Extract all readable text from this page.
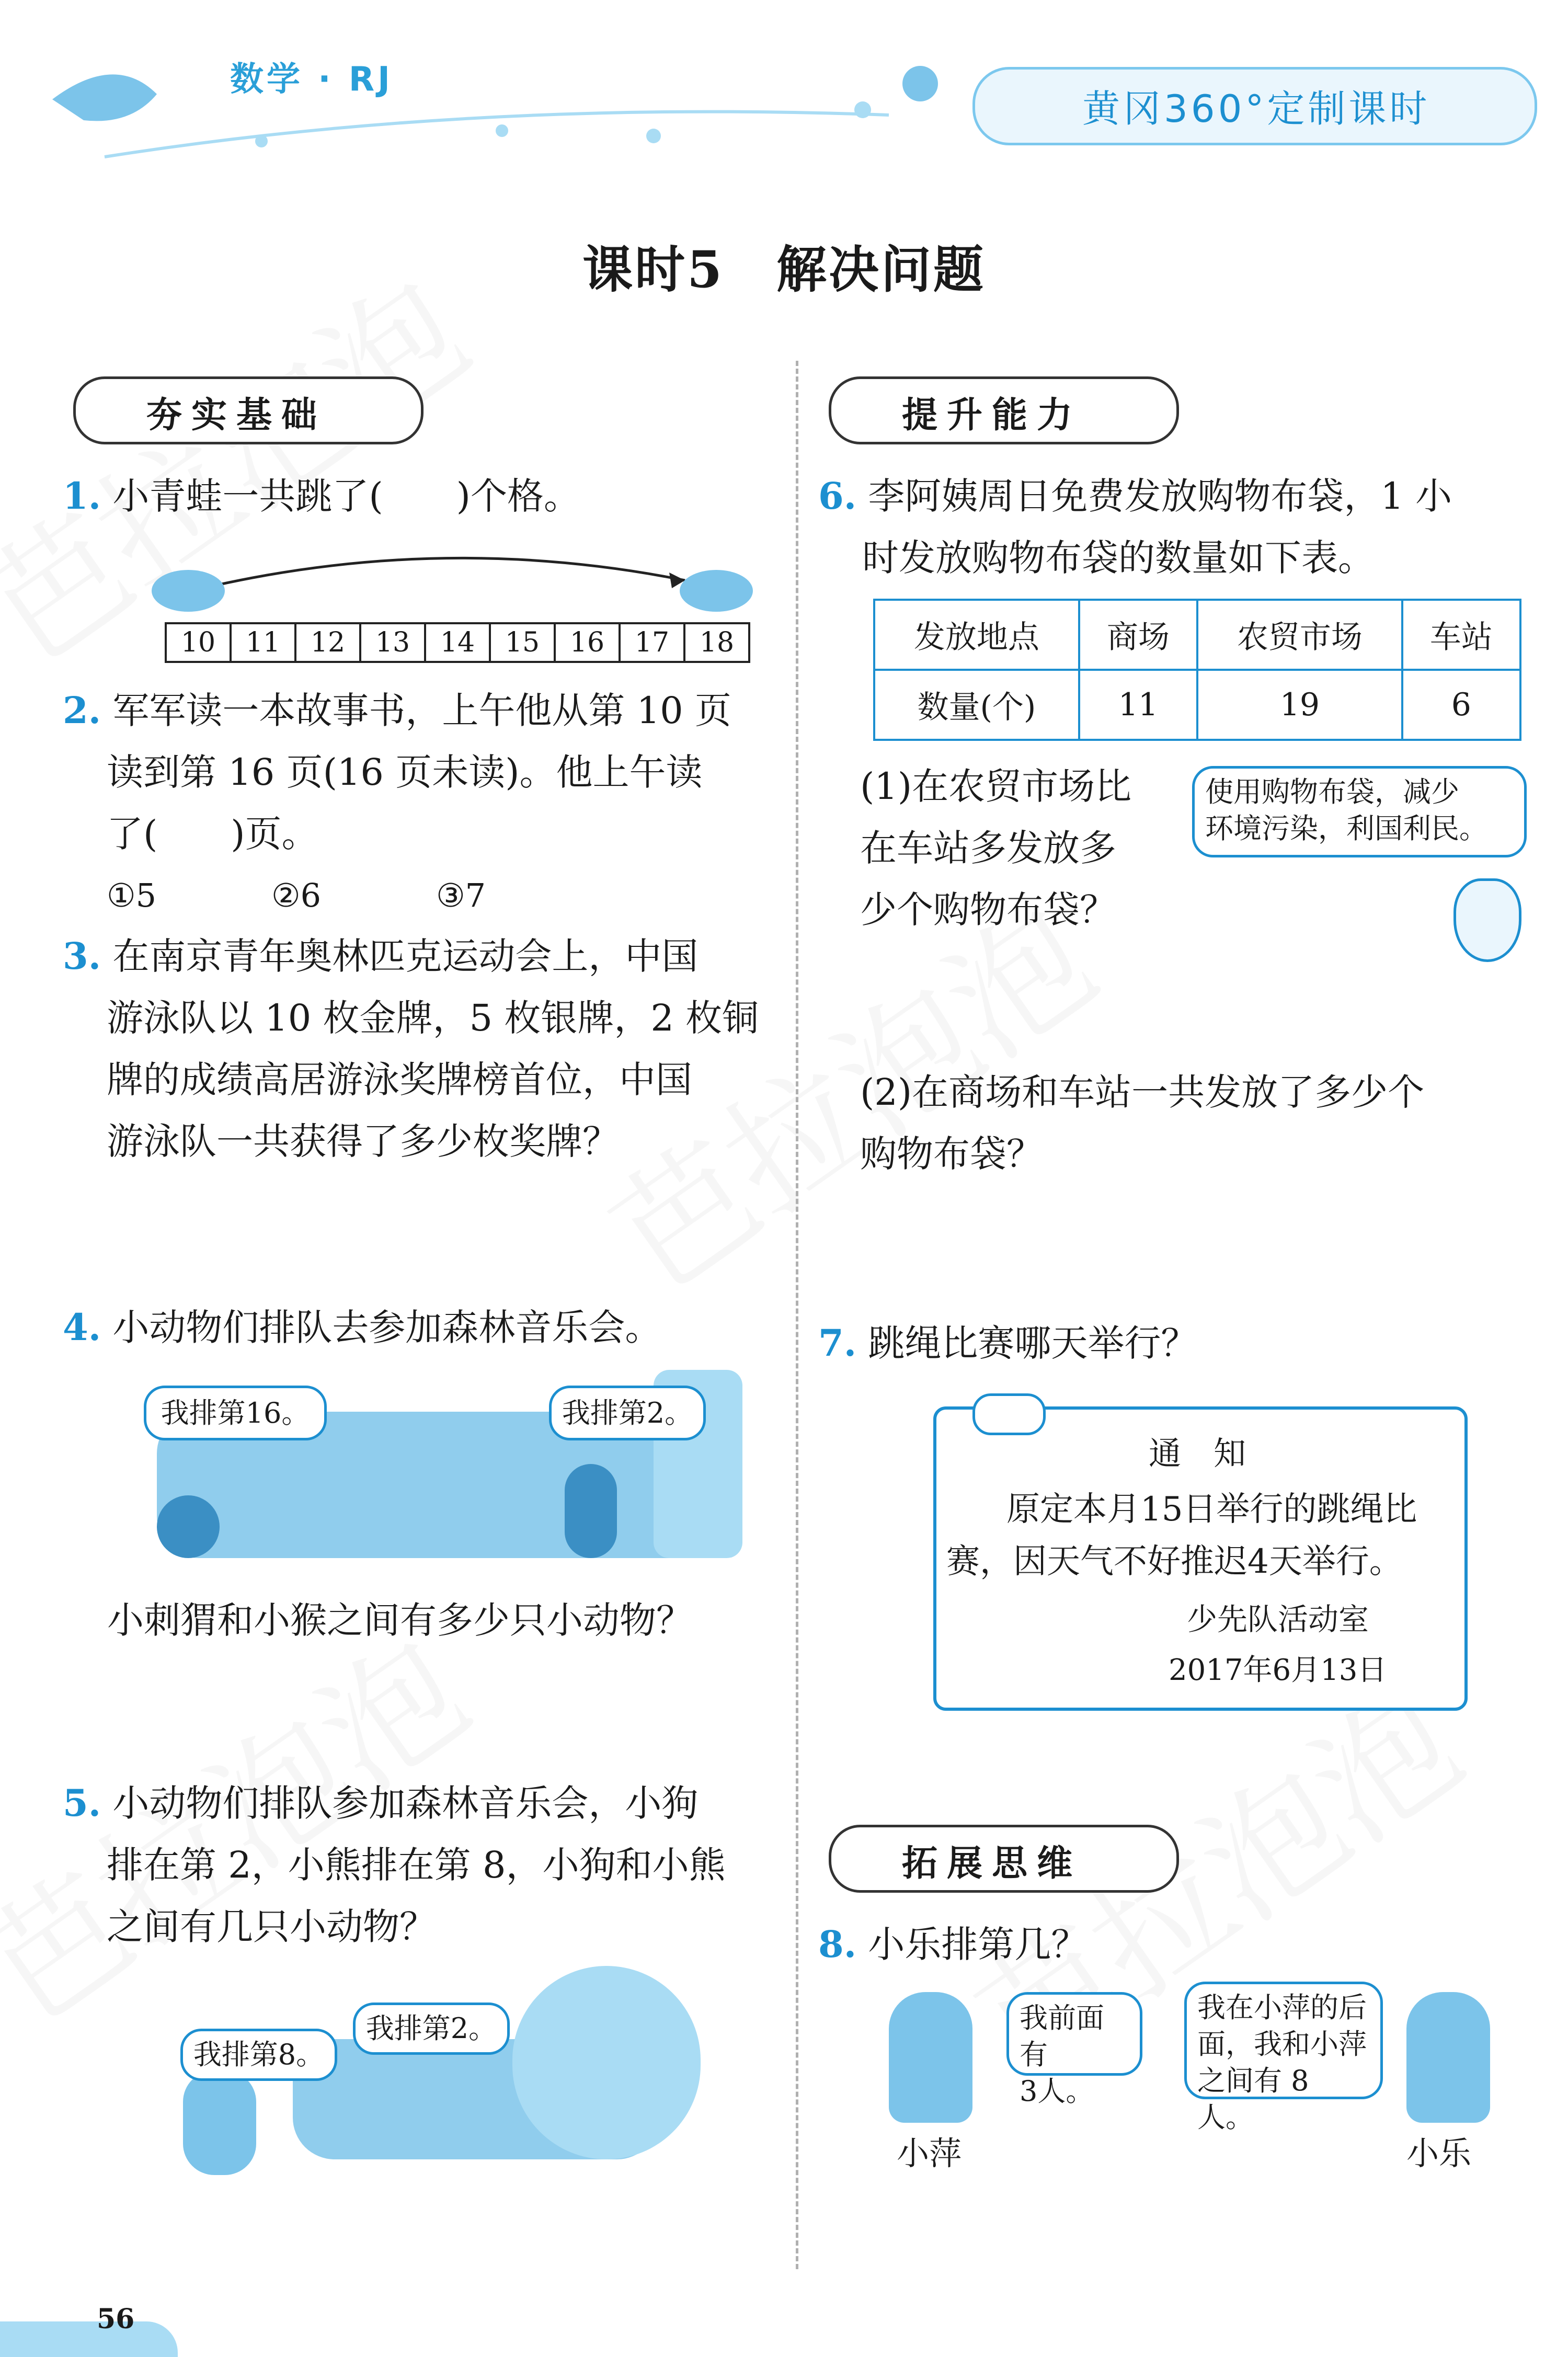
数学 · RJ
黄冈360°定制课时
课时5　解决问题
夯实基础
1. 小青蛙一共跳了(　　)个格。
10	11	12	13	14	15	16	17	18
2. 军军读一本故事书，上午他从第 10 页
读到第 16 页(16 页未读)。他上午读
了(　　)页。
①5	②6	③7
3. 在南京青年奥林匹克运动会上，中国
游泳队以 10 枚金牌，5 枚银牌，2 枚铜
牌的成绩高居游泳奖牌榜首位，中国
游泳队一共获得了多少枚奖牌？
4. 小动物们排队去参加森林音乐会。
我排第16。	我排第2。
小刺猬和小猴之间有多少只小动物？
5. 小动物们排队参加森林音乐会，小狗
排在第 2，小熊排在第 8，小狗和小熊
之间有几只小动物？
我排第8。
我排第2。
提升能力
6. 李阿姨周日免费发放购物布袋，1 小
时发放购物布袋的数量如下表。
发放地点	商场	农贸市场	车站
数量(个)	11	19	6
(1)在农贸市场比
在车站多发放多
少个购物布袋？
使用购物布袋，减少
环境污染，利国利民。
(2)在商场和车站一共发放了多少个
购物布袋？
7. 跳绳比赛哪天举行？
通　知
原定本月15日举行的跳绳比
赛，因天气不好推迟4天举行。
少先队活动室
2017年6月13日
拓展思维
8. 小乐排第几？
我前面有
3人。
我在小萍的后
面，我和小萍
之间有 8 人。
小萍	小乐
56
